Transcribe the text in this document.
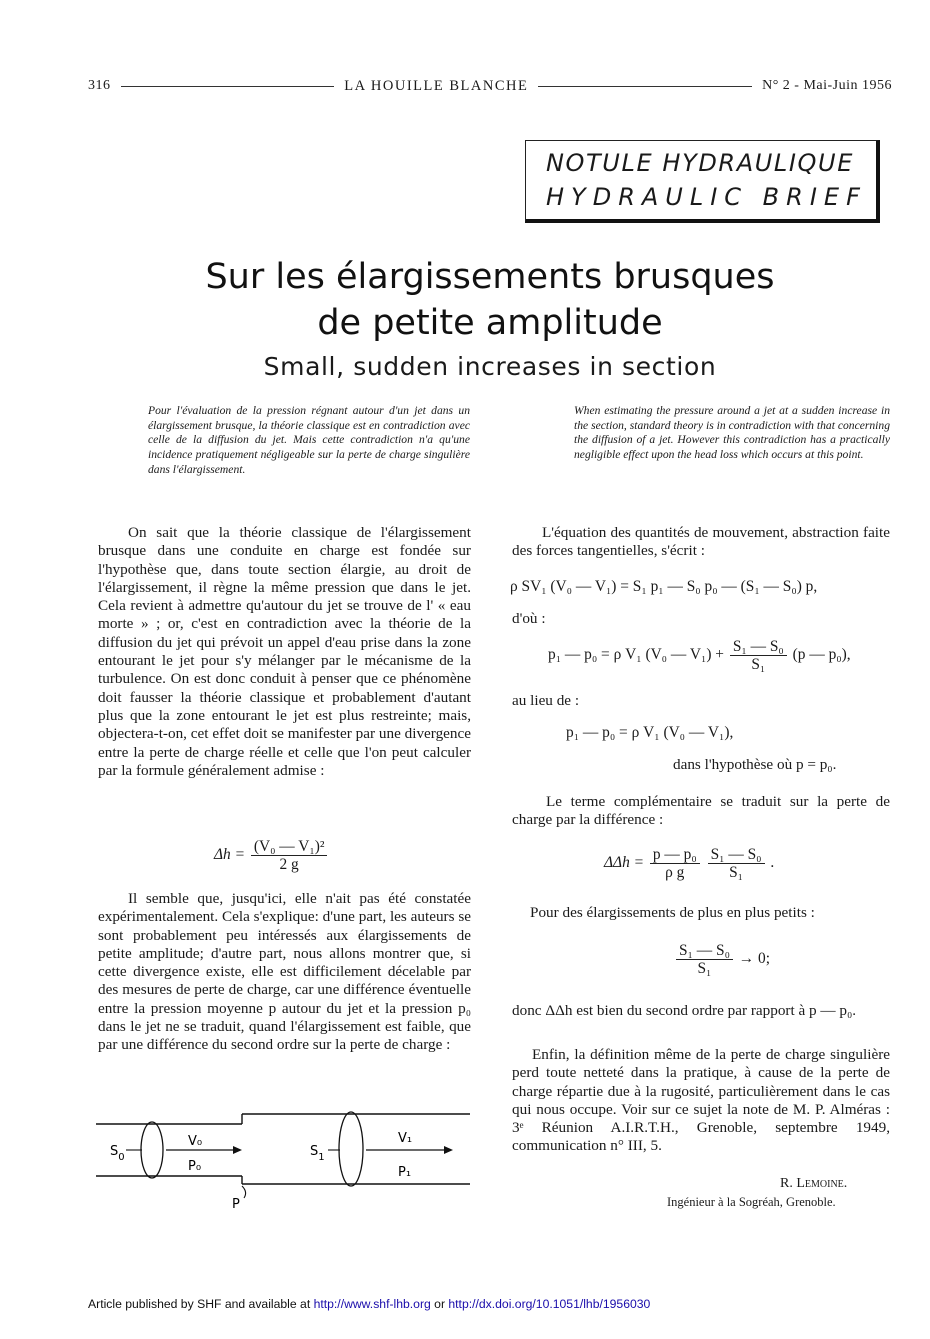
316	LA HOUILLE BLANCHE	N° 2 - Mai-Juin 1956
NOTULE HYDRAULIQUE
HYDRAULIC BRIEF
Sur les élargissements brusques
de petite amplitude
Small, sudden increases in section
Pour l'évaluation de la pression régnant autour d'un jet dans un élargissement brusque, la théorie classique est en contradiction avec celle de la diffusion du jet. Mais cette contradiction n'a qu'une incidence pratiquement négligeable sur la perte de charge singulière dans l'élargissement.
When estimating the pressure around a jet at a sudden increase in the section, standard theory is in contradiction with that concerning the diffusion of a jet. However this contradiction has a practically negligible effect upon the head loss which occurs at this point.

On sait que la théorie classique de l'élargissement brusque dans une conduite en charge est fondée sur l'hypothèse que, dans toute section élargie, au droit de l'élargissement, il règne la même pression que dans le jet. Cela revient à admettre qu'autour du jet se trouve de l' « eau morte » ; or, c'est en contradiction avec la théorie de la diffusion du jet qui prévoit un appel d'eau prise dans la zone entourant le jet pour s'y mélanger par le mécanisme de la turbulence. On est donc conduit à penser que ce phénomène doit fausser la théorie classique et probablement d'autant plus que la zone entourant le jet est plus restreinte; mais, objectera-t-on, cet effet doit se manifester par une divergence entre la perte de charge réelle et celle que l'on peut calculer par la formule généralement admise :

$\Delta h = \frac{\text{(V₀ — V₁)²}}{2 g}$

Il semble que, jusqu'ici, elle n'ait pas été constatée expérimentalement. Cela s'explique: d'une part, les auteurs se sont probablement peu intéressés aux élargissements de petite amplitude; d'autre part, nous allons montrer que, si cette divergence existe, elle est difficilement décelable par des mesures de perte de charge, car une différence éventuelle entre la pression moyenne p autour du jet et la pression p₀ dans le jet ne se traduit, quand l'élargissement est faible, que par une différence du second ordre sur la perte de charge :

$S_0$
V₀
P₀
P
$S_1$
V₁
P₁

L'équation des quantités de mouvement, abstraction faite des forces tangentielles, s'écrit :

ρ SV₁ (V₀ — V₁) = S₁ p₁ — S₀ p₀ — (S₁ — S₀) p,
d'où :
p₁ — p₀ = ρ V₁ (V₀ — $V_1) + \frac{\text{S₁ — S₀}}{\text{S₁}} (p$ — p₀),
au lieu de :
p₁ — p₀ = ρ V₁ (V₀ — V₁),
dans l'hypothèse où p = p₀.

Le terme complémentaire se traduit sur la perte de charge par la différence :

$\Delta\Delta h = \frac{\text{p — p₀}}{\text{ρ g}}$
$\frac{\text{S₁ — S₀}}{\text{S₁}}$ .

Pour des élargissements de plus en plus petits :

$\frac{\text{S₁ — S₀}}{\text{S₁}} \to 0$;

donc ΔΔh est bien du second ordre par rapport à p — p₀.

Enfin, la définition même de la perte de charge singulière perd toute netteté dans la pratique, à cause de la perte de charge répartie due à la rugosité, particulièrement dans le cas qui nous occupe. Voir sur ce sujet la note de M. P. Alméras : 3ᵉ Réunion A.I.R.T.H., Grenoble, septembre 1949, communication n° III, 5.

R. Lemoine.
Ingénieur à la Sogréah, Grenoble.
Article published by SHF and available at http://www.shf-lhb.org or http://dx.doi.org/10.1051/lhb/1956030
